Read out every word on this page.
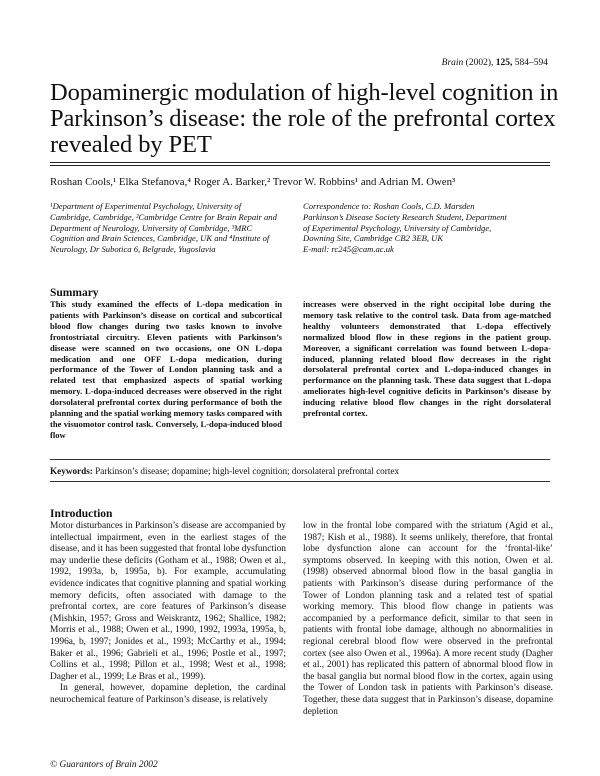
Brain (2002), 125, 584–594
Dopaminergic modulation of high-level cognition in Parkinson’s disease: the role of the prefrontal cortex revealed by PET
Roshan Cools,¹ Elka Stefanova,⁴ Roger A. Barker,² Trevor W. Robbins¹ and Adrian M. Owen³
¹Department of Experimental Psychology, University of Cambridge, Cambridge, ²Cambridge Centre for Brain Repair and Department of Neurology, University of Cambridge, ³MRC Cognition and Brain Sciences, Cambridge, UK and ⁴Institute of Neurology, Dr Subotica 6, Belgrade, Yugoslavia
Correspondence to: Roshan Cools, C.D. Marsden
Parkinson’s Disease Society Research Student, Department
of Experimental Psychology, University of Cambridge,
Downing Site, Cambridge CB2 3EB, UK
E-mail: rc245@cam.ac.uk
Summary
This study examined the effects of L-dopa medication in patients with Parkinson’s disease on cortical and subcortical blood flow changes during two tasks known to involve frontostriatal circuitry. Eleven patients with Parkinson’s disease were scanned on two occasions, one ON L-dopa medication and one OFF L-dopa medication, during performance of the Tower of London planning task and a related test that emphasized aspects of spatial working memory. L-dopa-induced decreases were observed in the right dorsolateral prefrontal cortex during performance of both the planning and the spatial working memory tasks compared with the visuomotor control task. Conversely, L-dopa-induced blood flow
increases were observed in the right occipital lobe during the memory task relative to the control task. Data from age-matched healthy volunteers demonstrated that L-dopa effectively normalized blood flow in these regions in the patient group. Moreover, a significant correlation was found between L-dopa-induced, planning related blood flow decreases in the right dorsolateral prefrontal cortex and L-dopa-induced changes in performance on the planning task. These data suggest that L-dopa ameliorates high-level cognitive deficits in Parkinson’s disease by inducing relative blood flow changes in the right dorsolateral prefrontal cortex.
Keywords: Parkinson’s disease; dopamine; high-level cognition; dorsolateral prefrontal cortex
Introduction

Motor disturbances in Parkinson’s disease are accompanied by intellectual impairment, even in the earliest stages of the disease, and it has been suggested that frontal lobe dysfunction may underlie these deficits (Gotham et al., 1988; Owen et al., 1992, 1993a, b, 1995a, b). For example, accumulating evidence indicates that cognitive planning and spatial working memory deficits, often associated with damage to the prefrontal cortex, are core features of Parkinson’s disease (Mishkin, 1957; Gross and Weiskrantz, 1962; Shallice, 1982; Morris et al., 1988; Owen et al., 1990, 1992, 1993a, 1995a, b, 1996a, b, 1997; Jonides et al., 1993; McCarthy et al., 1994; Baker et al., 1996; Gabrieli et al., 1996; Postle et al., 1997; Collins et al., 1998; Pillon et al., 1998; West et al., 1998; Dagher et al., 1999; Le Bras et al., 1999).

In general, however, dopamine depletion, the cardinal neurochemical feature of Parkinson’s disease, is relatively

low in the frontal lobe compared with the striatum (Agid et al., 1987; Kish et al., 1988). It seems unlikely, therefore, that frontal lobe dysfunction alone can account for the ‘frontal-like’ symptoms observed. In keeping with this notion, Owen et al. (1998) observed abnormal blood flow in the basal ganglia in patients with Parkinson’s disease during performance of the Tower of London planning task and a related test of spatial working memory. This blood flow change in patients was accompanied by a performance deficit, similar to that seen in patients with frontal lobe damage, although no abnormalities in regional cerebral blood flow were observed in the prefrontal cortex (see also Owen et al., 1996a). A more recent study (Dagher et al., 2001) has replicated this pattern of abnormal blood flow in the basal ganglia but normal blood flow in the cortex, again using the Tower of London task in patients with Parkinson’s disease. Together, these data suggest that in Parkinson’s disease, dopamine depletion

© Guarantors of Brain 2002
